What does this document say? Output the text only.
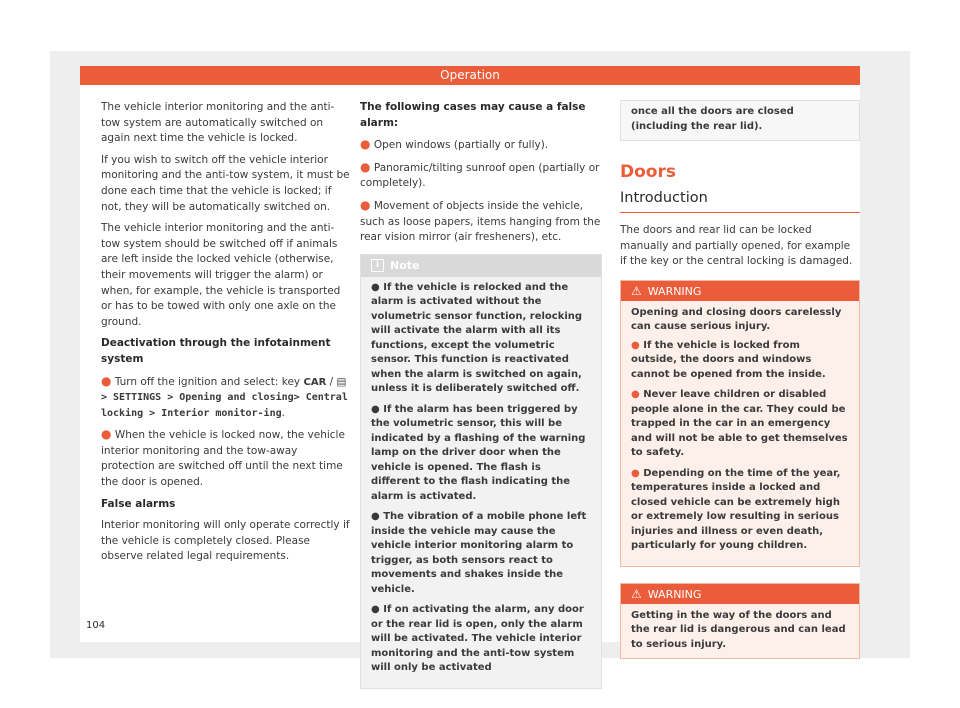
Operation

The vehicle interior monitoring and the anti-tow system are automatically switched on again next time the vehicle is locked.

If you wish to switch off the vehicle interior monitoring and the anti-tow system, it must be done each time that the vehicle is locked; if not, they will be automatically switched on.

The vehicle interior monitoring and the anti-tow system should be switched off if animals are left inside the locked vehicle (otherwise, their movements will trigger the alarm) or when, for example, the vehicle is transported or has to be towed with only one axle on the ground.

Deactivation through the infotainment system

● Turn off the ignition and select: key CAR / ▤ > SETTINGS > Opening and closing> Central locking > Interior monitor-ing.

● When the vehicle is locked now, the vehicle interior monitoring and the tow-away protection are switched off until the next time the door is opened.

False alarms

Interior monitoring will only operate correctly if the vehicle is completely closed. Please observe related legal requirements.

The following cases may cause a false alarm:

● Open windows (partially or fully).

● Panoramic/tilting sunroof open (partially or completely).

● Movement of objects inside the vehicle, such as loose papers, items hanging from the rear vision mirror (air fresheners), etc.

i Note

● If the vehicle is relocked and the alarm is activated without the volumetric sensor function, relocking will activate the alarm with all its functions, except the volumetric sensor. This function is reactivated when the alarm is switched on again, unless it is deliberately switched off.

● If the alarm has been triggered by the volumetric sensor, this will be indicated by a flashing of the warning lamp on the driver door when the vehicle is opened. The flash is different to the flash indicating the alarm is activated.

● The vibration of a mobile phone left inside the vehicle may cause the vehicle interior monitoring alarm to trigger, as both sensors react to movements and shakes inside the vehicle.

● If on activating the alarm, any door or the rear lid is open, only the alarm will be activated. The vehicle interior monitoring and the anti-tow system will only be activated

once all the doors are closed (including the rear lid).
Doors
Introduction

The doors and rear lid can be locked manually and partially opened, for example if the key or the central locking is damaged.

⚠ WARNING

Opening and closing doors carelessly can cause serious injury.

● If the vehicle is locked from outside, the doors and windows cannot be opened from the inside.

● Never leave children or disabled people alone in the car. They could be trapped in the car in an emergency and will not be able to get themselves to safety.

● Depending on the time of the year, temperatures inside a locked and closed vehicle can be extremely high or extremely low resulting in serious injuries and illness or even death, particularly for young children.

⚠ WARNING

Getting in the way of the doors and the rear lid is dangerous and can lead to serious injury.

104
